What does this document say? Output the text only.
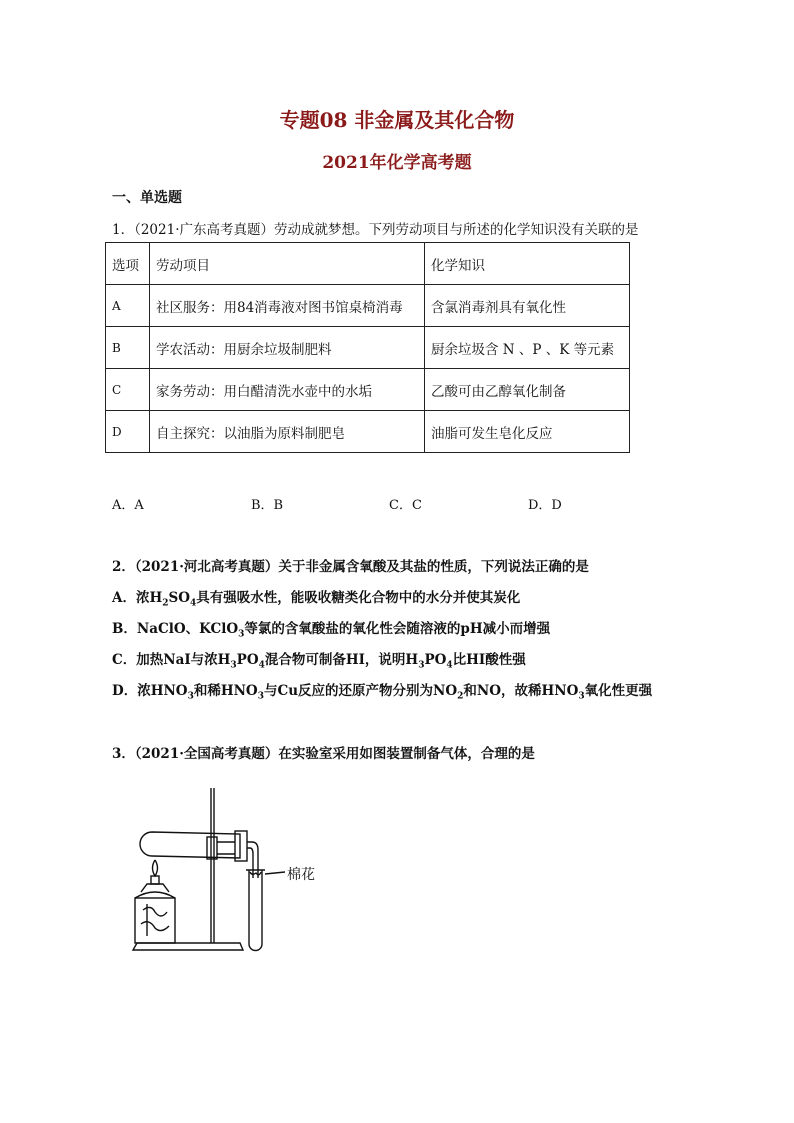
专题08 非金属及其化合物
2021年化学高考题
一、单选题
1．（2021·广东高考真题）劳动成就梦想。下列劳动项目与所述的化学知识没有关联的是
选项	劳动项目	化学知识
A	社区服务：用84消毒液对图书馆桌椅消毒	含氯消毒剂具有氧化性
B	学农活动：用厨余垃圾制肥料	厨余垃圾含 N 、P 、K 等元素
C	家务劳动：用白醋清洗水壶中的水垢	乙酸可由乙醇氧化制备
D	自主探究：以油脂为原料制肥皂	油脂可发生皂化反应
A．A	B．B	C．C	D．D
2．（2021·河北高考真题）关于非金属含氧酸及其盐的性质，下列说法正确的是
A．浓$H_2SO_4$具有强吸水性，能吸收糖类化合物中的水分并使其炭化
B．NaClO、KClO$_3$等氯的含氧酸盐的氧化性会随溶液的pH减小而增强
C．加热NaI与浓$H_3PO_4$混合物可制备HI，说明$H_3PO_4$比HI酸性强
D．浓$HNO_3$和稀$HNO_3$与Cu反应的还原产物分别为$NO_2$和NO，故稀$HNO_3$氧化性更强
3．（2021·全国高考真题）在实验室采用如图装置制备气体，合理的是
棉花
